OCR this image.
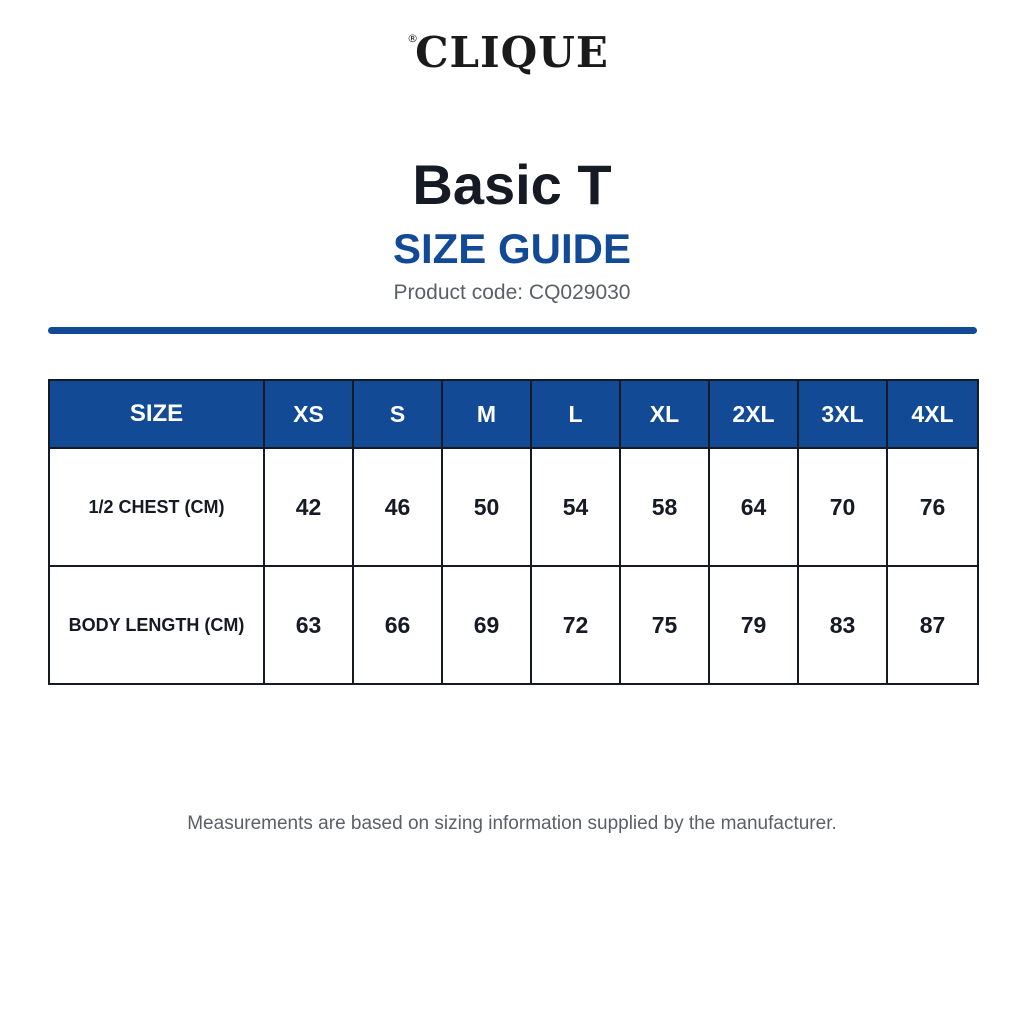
®
CLIQUE
Basic T
SIZE GUIDE
Product code: CQ029030
SIZE	XS	S	M	L	XL	2XL	3XL	4XL
1/2 CHEST (CM)	42	46	50	54	58	64	70	76
BODY LENGTH (CM)	63	66	69	72	75	79	83	87
Measurements are based on sizing information supplied by the manufacturer.
